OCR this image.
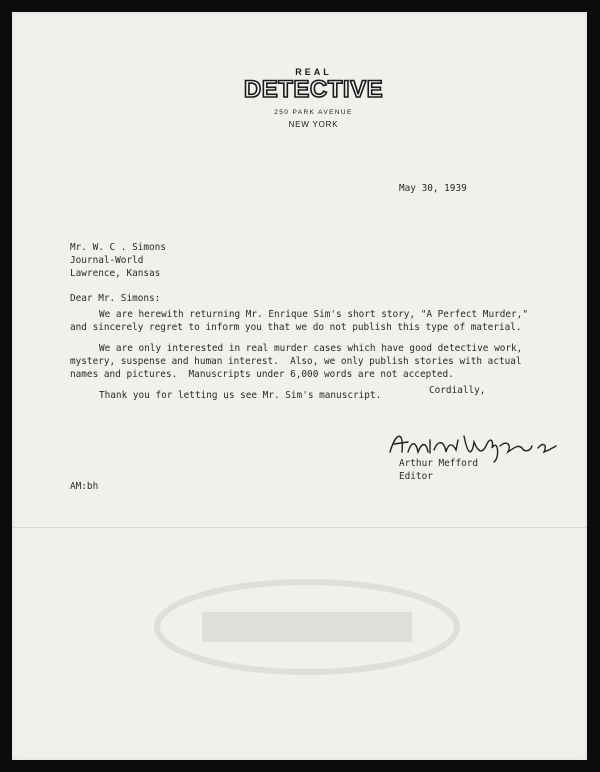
REAL
DETECTIVE
250 PARK AVENUE
NEW YORK
May 30, 1939
Mr. W. C . Simons
Journal-World
Lawrence, Kansas
Dear Mr. Simons:
We are herewith returning Mr. Enrique Sim's short story, "A Perfect Murder,"
and sincerely regret to inform you that we do not publish this type of material.
We are only interested in real murder cases which have good detective work,
mystery, suspense and human interest.  Also, we only publish stories with actual
names and pictures.  Manuscripts under 6,000 words are not accepted.
Thank you for letting us see Mr. Sim's manuscript.	Cordially,
Arthur Mefford
Editor
AM:bh
